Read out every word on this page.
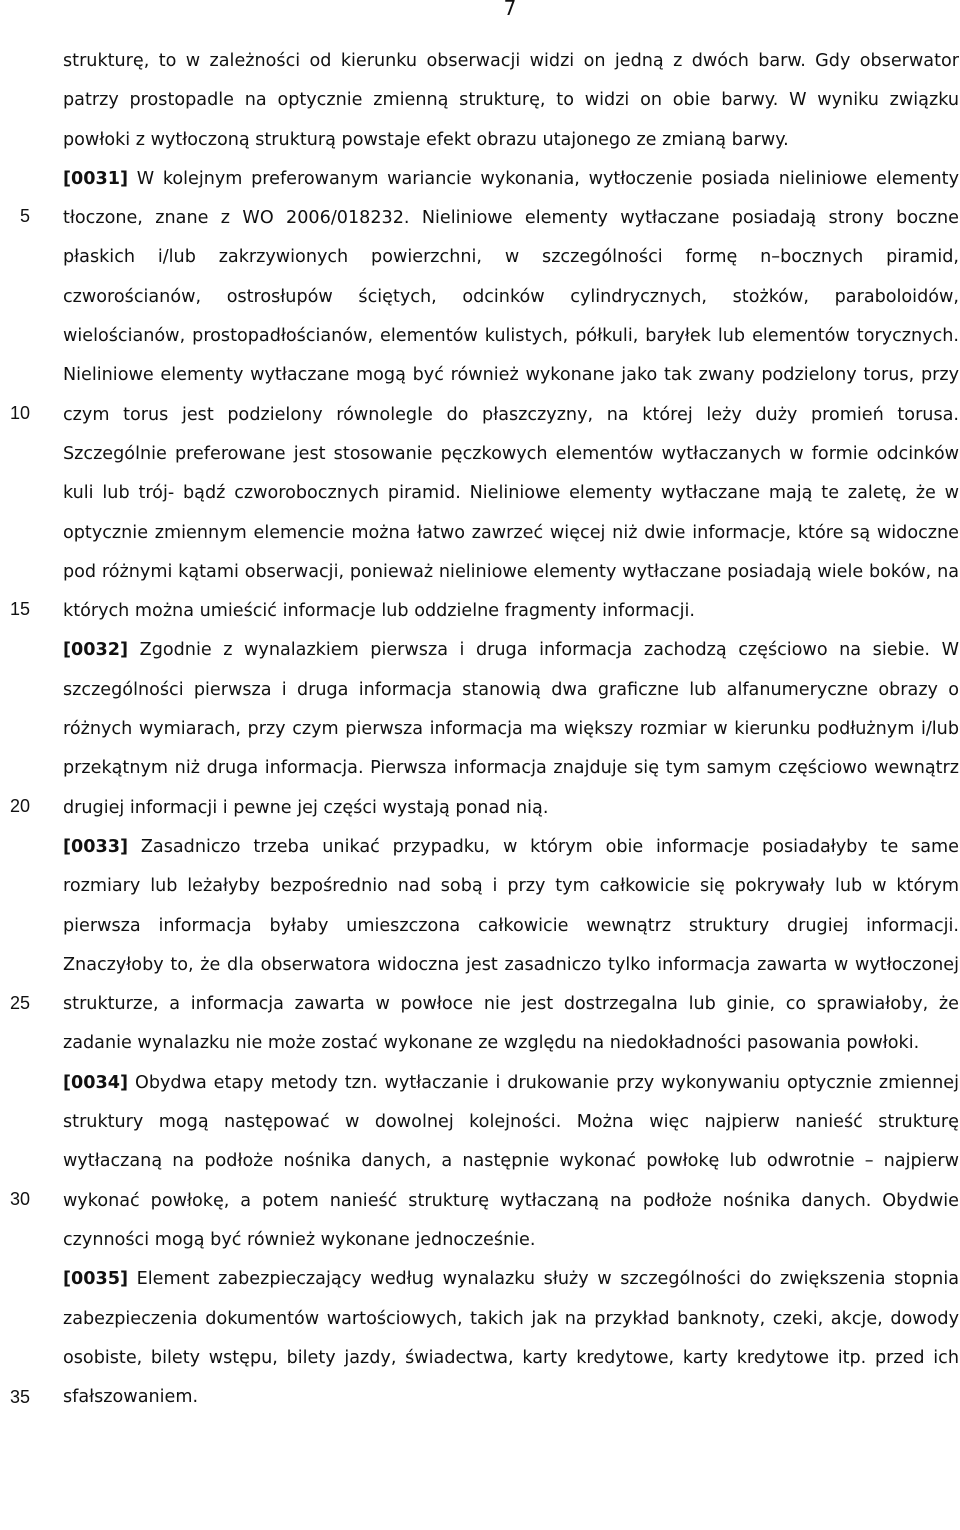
7
5
10
15
20
25
30
35

strukturę, to w zależności od kierunku obserwacji widzi on jedną z dwóch barw. Gdy obserwator patrzy prostopadle na optycznie zmienną strukturę, to widzi on obie barwy. W wyniku związku powłoki z wytłoczoną strukturą powstaje efekt obrazu utajonego ze zmianą barwy.

[0031] W kolejnym preferowanym wariancie wykonania, wytłoczenie posiada nieliniowe elementy tłoczone, znane z WO 2006/018232. Nieliniowe elementy wytłaczane posiadają strony boczne płaskich i/lub zakrzywionych powierzchni, w szczególności formę n–bocznych piramid, czworościanów, ostrosłupów ściętych, odcinków cylindrycznych, stożków, paraboloidów, wielościanów, prostopadłościanów, elementów kulistych, półkuli, baryłek lub elementów torycznych. Nieliniowe elementy wytłaczane mogą być również wykonane jako tak zwany podzielony torus, przy czym torus jest podzielony równolegle do płaszczyzny, na której leży duży promień torusa. Szczególnie preferowane jest stosowanie pęczkowych elementów wytłaczanych w formie odcinków kuli lub trój- bądź czworobocznych piramid. Nieliniowe elementy wytłaczane mają te zaletę, że w optycznie zmiennym elemencie można łatwo zawrzeć więcej niż dwie informacje, które są widoczne pod różnymi kątami obserwacji, ponieważ nieliniowe elementy wytłaczane posiadają wiele boków, na których można umieścić informacje lub oddzielne fragmenty informacji.

[0032] Zgodnie z wynalazkiem pierwsza i druga informacja zachodzą częściowo na siebie. W szczególności pierwsza i druga informacja stanowią dwa graficzne lub alfanumeryczne obrazy o różnych wymiarach, przy czym pierwsza informacja ma większy rozmiar w kierunku podłużnym i/lub przekątnym niż druga informacja. Pierwsza informacja znajduje się tym samym częściowo wewnątrz drugiej informacji i pewne jej części wystają ponad nią.

[0033] Zasadniczo trzeba unikać przypadku, w którym obie informacje posiadałyby te same rozmiary lub leżałyby bezpośrednio nad sobą i przy tym całkowicie się pokrywały lub w którym pierwsza informacja byłaby umieszczona całkowicie wewnątrz struktury drugiej informacji. Znaczyłoby to, że dla obserwatora widoczna jest zasadniczo tylko informacja zawarta w wytłoczonej strukturze, a informacja zawarta w powłoce nie jest dostrzegalna lub ginie, co sprawiałoby, że zadanie wynalazku nie może zostać wykonane ze względu na niedokładności pasowania powłoki.

[0034] Obydwa etapy metody tzn. wytłaczanie i drukowanie przy wykonywaniu optycznie zmiennej struktury mogą następować w dowolnej kolejności. Można więc najpierw nanieść strukturę wytłaczaną na podłoże nośnika danych, a następnie wykonać powłokę lub odwrotnie – najpierw wykonać powłokę, a potem nanieść strukturę wytłaczaną na podłoże nośnika danych. Obydwie czynności mogą być również wykonane jednocześnie.

[0035] Element zabezpieczający według wynalazku służy w szczególności do zwiększenia stopnia zabezpieczenia dokumentów wartościowych, takich jak na przykład banknoty, czeki, akcje, dowody osobiste, bilety wstępu, bilety jazdy, świadectwa, karty kredytowe, karty kredytowe itp. przed ich sfałszowaniem.
